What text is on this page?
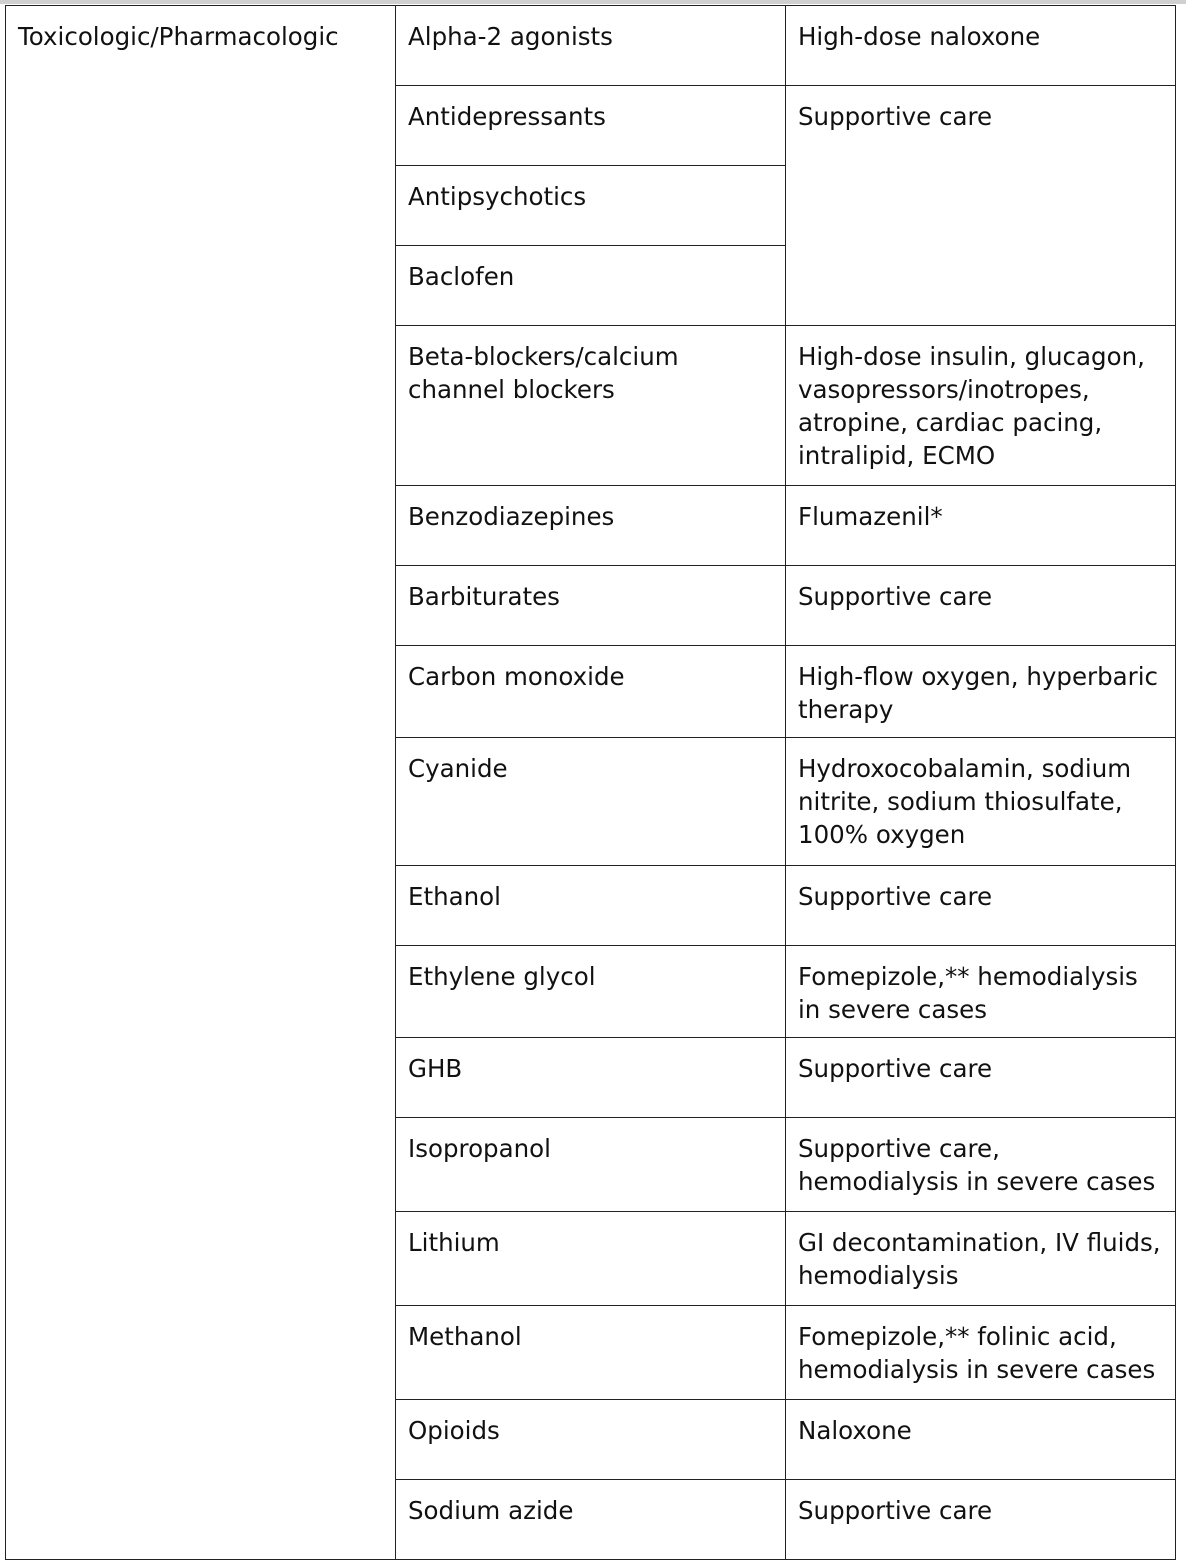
Toxicologic/Pharmacologic	Alpha-2 agonists	High-dose naloxone
	Antidepressants	Supportive care
	Antipsychotics	
	Baclofen	
	Beta-blockers/calcium channel blockers	High-dose insulin, glucagon, vasopressors/inotropes, atropine, cardiac pacing, intralipid, ECMO
	Benzodiazepines	Flumazenil*
	Barbiturates	Supportive care
	Carbon monoxide	High-flow oxygen, hyperbaric therapy
	Cyanide	Hydroxocobalamin, sodium nitrite, sodium thiosulfate, 100% oxygen
	Ethanol	Supportive care
	Ethylene glycol	Fomepizole,** hemodialysis in severe cases
	GHB	Supportive care
	Isopropanol	Supportive care, hemodialysis in severe cases
	Lithium	GI decontamination, IV fluids, hemodialysis
	Methanol	Fomepizole,** folinic acid, hemodialysis in severe cases
	Opioids	Naloxone
	Sodium azide	Supportive care
